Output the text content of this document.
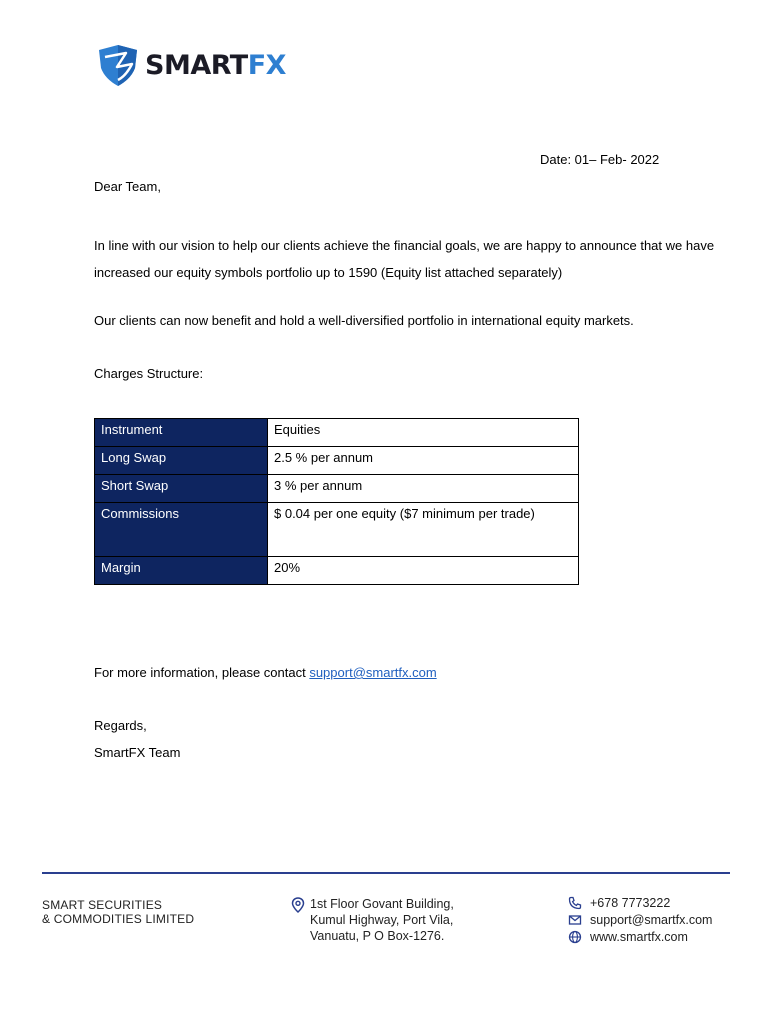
SMARTFX
Date: 01– Feb- 2022
Dear Team,
In line with our vision to help our clients achieve the financial goals, we are happy to announce that we have increased our equity symbols portfolio up to 1590 (Equity list attached separately)
Our clients can now benefit and hold a well-diversified portfolio in international equity markets.
Charges Structure:
Instrument	Equities
Long Swap	2.5 % per annum
Short Swap	3 % per annum
Commissions	$ 0.04 per one equity ($7 minimum per trade)
Margin	20%
For more information, please contact support@smartfx.com
Regards,
SmartFX Team
SMART SECURITIES
& COMMODITIES LIMITED
1st Floor Govant Building,
Kumul Highway, Port Vila,
Vanuatu, P O Box-1276.
+678 7773222
support@smartfx.com
www.smartfx.com
